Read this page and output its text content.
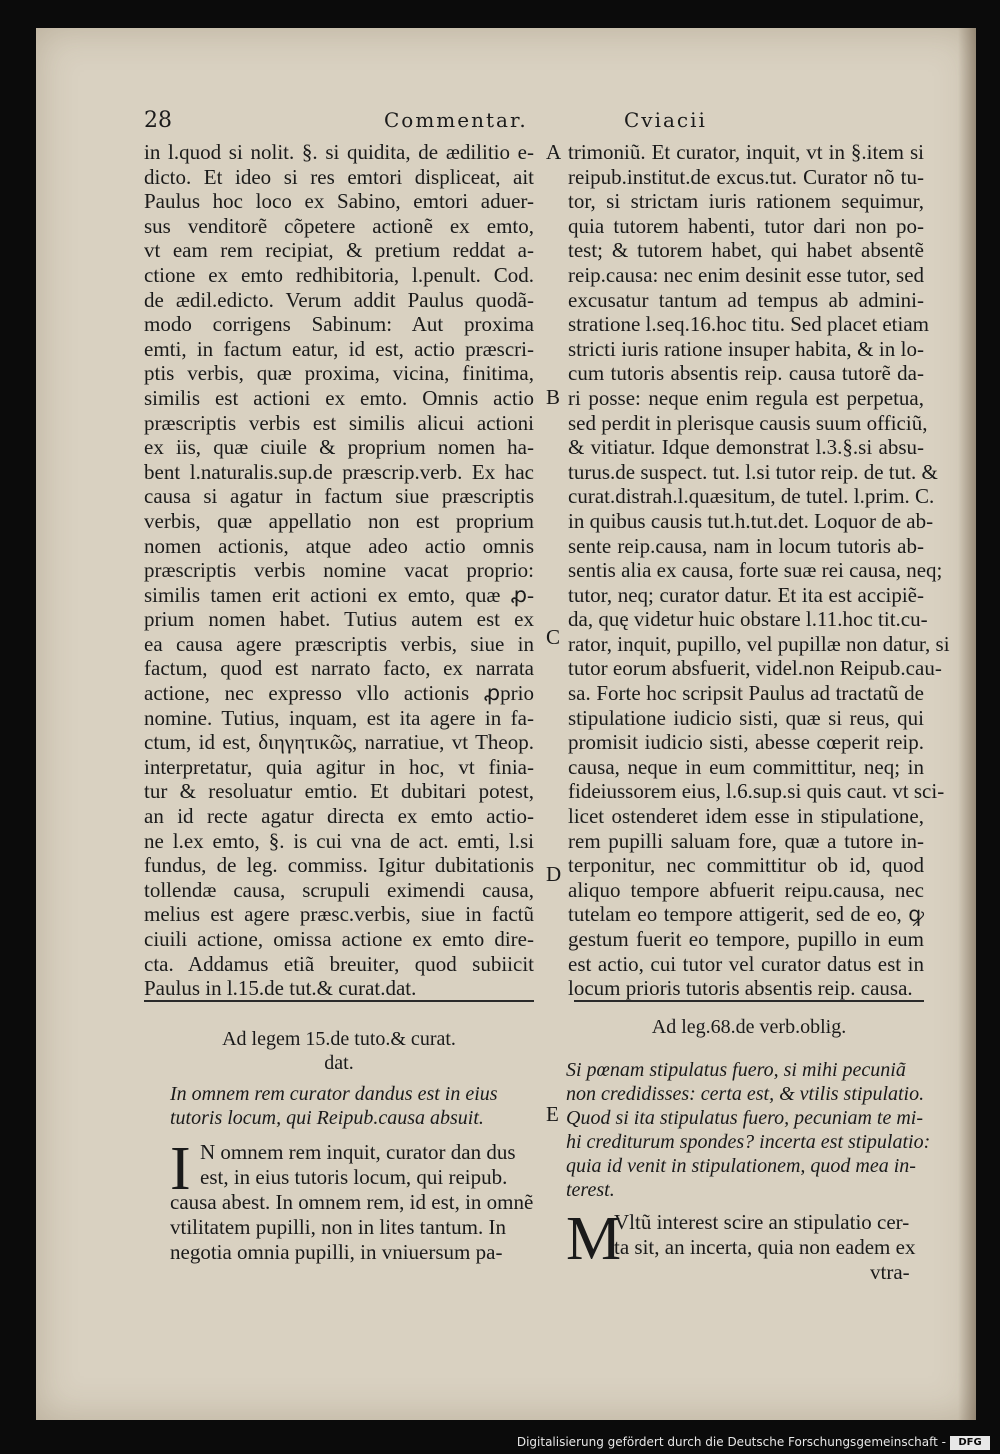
28	Commentar.	Cviacii
in l.quod si nolit. §. si quidita, de ædilitio e-
dicto. Et ideo si res emtori displiceat, ait
Paulus hoc loco ex Sabino, emtori aduer-
sus venditorẽ cõpetere actionẽ ex emto,
vt eam rem recipiat, & pretium reddat a-
ctione ex emto redhibitoria, l.penult. Cod.
de ædil.edicto. Verum addit Paulus quodã-
modo corrigens Sabinum: Aut proxima
emti, in factum eatur, id est, actio præscri-
ptis verbis, quæ proxima, vicina, finitima,
similis est actioni ex emto. Omnis actio
præscriptis verbis est similis alicui actioni
ex iis, quæ ciuile & proprium nomen ha-
bent l.naturalis.sup.de præscrip.verb. Ex hac
causa si agatur in factum siue præscriptis
verbis, quæ appellatio non est proprium
nomen actionis, atque adeo actio omnis
præscriptis verbis nomine vacat proprio:
similis tamen erit actioni ex emto, quæ ꝓ-
prium nomen habet. Tutius autem est ex
ea causa agere præscriptis verbis, siue in
factum, quod est narrato facto, ex narrata
actione, nec expresso vllo actionis ꝓprio
nomine. Tutius, inquam, est ita agere in fa-
ctum, id est, διηγητικῶς, narratiue, vt Theop.
interpretatur, quia agitur in hoc, vt finia-
tur & resoluatur emtio. Et dubitari potest,
an id recte agatur directa ex emto actio-
ne l.ex emto, §. is cui vna de act. emti, l.si
fundus, de leg. commiss. Igitur dubitationis
tollendæ causa, scrupuli eximendi causa,
melius est agere præsc.verbis, siue in factũ
ciuili actione, omissa actione ex emto dire-
cta. Addamus etiã breuiter, quod subiicit
Paulus in l.15.de tut.& curat.dat.
trimoniũ. Et curator, inquit, vt in §.item si
reipub.institut.de excus.tut. Curator nõ tu-
tor, si strictam iuris rationem sequimur,
quia tutorem habenti, tutor dari non po-
test; & tutorem habet, qui habet absentẽ
reip.causa: nec enim desinit esse tutor, sed
excusatur tantum ad tempus ab admini-
stratione l.seq.16.hoc titu. Sed placet etiam
stricti iuris ratione insuper habita, & in lo-
cum tutoris absentis reip. causa tutorẽ da-
ri posse: neque enim regula est perpetua,
sed perdit in plerisque causis suum officiũ,
& vitiatur. Idque demonstrat l.3.§.si absu-
turus.de suspect. tut. l.si tutor reip. de tut. &
curat.distrah.l.quæsitum, de tutel. l.prim. C.
in quibus causis tut.h.tut.det. Loquor de ab-
sente reip.causa, nam in locum tutoris ab-
sentis alia ex causa, forte suæ rei causa, neq;
tutor, neq; curator datur. Et ita est accipiẽ-
da, quę videtur huic obstare l.11.hoc tit.cu-
rator, inquit, pupillo, vel pupillæ non datur, si
tutor eorum absfuerit, videl.non Reipub.cau-
sa. Forte hoc scripsit Paulus ad tractatũ de
stipulatione iudicio sisti, quæ si reus, qui
promisit iudicio sisti, abesse cœperit reip.
causa, neque in eum committitur, neq; in
fideiussorem eius, l.6.sup.si quis caut. vt sci-
licet ostenderet idem esse in stipulatione,
rem pupilli saluam fore, quæ a tutore in-
terponitur, nec committitur ob id, quod
aliquo tempore abfuerit reipu.causa, nec
tutelam eo tempore attigerit, sed de eo, ꝙ
gestum fuerit eo tempore, pupillo in eum
est actio, cui tutor vel curator datus est in
locum prioris tutoris absentis reip. causa.
A
B
C
D
E
Ad legem 15.de tuto.& curat.
dat.
In omnem rem curator dandus est in eius
tutoris locum, qui Reipub.causa absuit.
I N omnem rem inquit, curator dan dus
est, in eius tutoris locum, qui reipub.
causa abest. In omnem rem, id est, in omnẽ
vtilitatem pupilli, non in lites tantum. In
negotia omnia pupilli, in vniuersum pa-
Ad leg.68.de verb.oblig.
Si pœnam stipulatus fuero, si mihi pecuniã
non credidisses: certa est, & vtilis stipulatio.
Quod si ita stipulatus fuero, pecuniam te mi-
hi crediturum spondes? incerta est stipulatio:
quia id venit in stipulationem, quod mea in-
terest.
M
Vltũ interest scire an stipulatio cer-
ta sit, an incerta, quia non eadem ex
vtra-
Digitalisierung gefördert durch die Deutsche Forschungsgemeinschaft -	DFG
